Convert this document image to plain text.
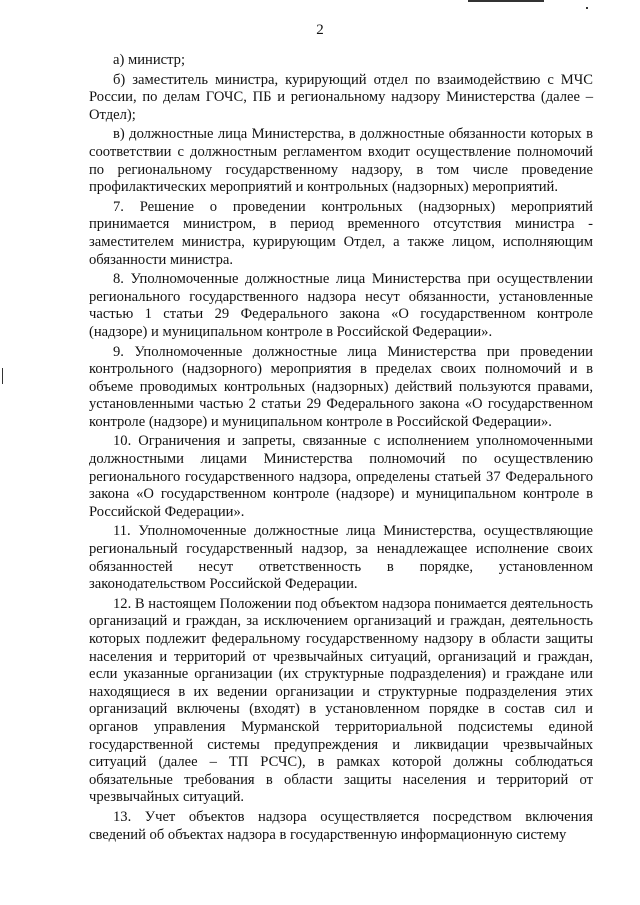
2

а) министр;

б) заместитель министра, курирующий отдел по взаимодействию с МЧС России, по делам ГОЧС, ПБ и региональному надзору Министерства (далее – Отдел);

в) должностные лица Министерства, в должностные обязанности которых в соответствии с должностным регламентом входит осуществление полномочий по региональному государственному надзору, в том числе проведение профилактических мероприятий и контрольных (надзорных) мероприятий.

7. Решение о проведении контрольных (надзорных) мероприятий принимается министром, в период временного отсутствия министра - заместителем министра, курирующим Отдел, а также лицом, исполняющим обязанности министра.

8. Уполномоченные должностные лица Министерства при осуществлении регионального государственного надзора несут обязанности, установленные частью 1 статьи 29 Федерального закона «О государственном контроле (надзоре) и муниципальном контроле в Российской Федерации».

9. Уполномоченные должностные лица Министерства при проведении контрольного (надзорного) мероприятия в пределах своих полномочий и в объеме проводимых контрольных (надзорных) действий пользуются правами, установленными частью 2 статьи 29 Федерального закона «О государственном контроле (надзоре) и муниципальном контроле в Российской Федерации».

10. Ограничения и запреты, связанные с исполнением уполномоченными должностными лицами Министерства полномочий по осуществлению регионального государственного надзора, определены статьей 37 Федерального закона «О государственном контроле (надзоре) и муниципальном контроле в Российской Федерации».

11. Уполномоченные должностные лица Министерства, осуществляющие региональный государственный надзор, за ненадлежащее исполнение своих обязанностей несут ответственность в порядке, установленном законодательством Российской Федерации.

12. В настоящем Положении под объектом надзора понимается деятельность организаций и граждан, за исключением организаций и граждан, деятельность которых подлежит федеральному государственному надзору в области защиты населения и территорий от чрезвычайных ситуаций, организаций и граждан, если указанные организации (их структурные подразделения) и граждане или находящиеся в их ведении организации и структурные подразделения этих организаций включены (входят) в установленном порядке в состав сил и органов управления Мурманской территориальной подсистемы единой государственной системы предупреждения и ликвидации чрезвычайных ситуаций (далее – ТП РСЧС), в рамках которой должны соблюдаться обязательные требования в области защиты населения и территорий от чрезвычайных ситуаций.

13. Учет объектов надзора осуществляется посредством включения сведений об объектах надзора в государственную информационную систему
